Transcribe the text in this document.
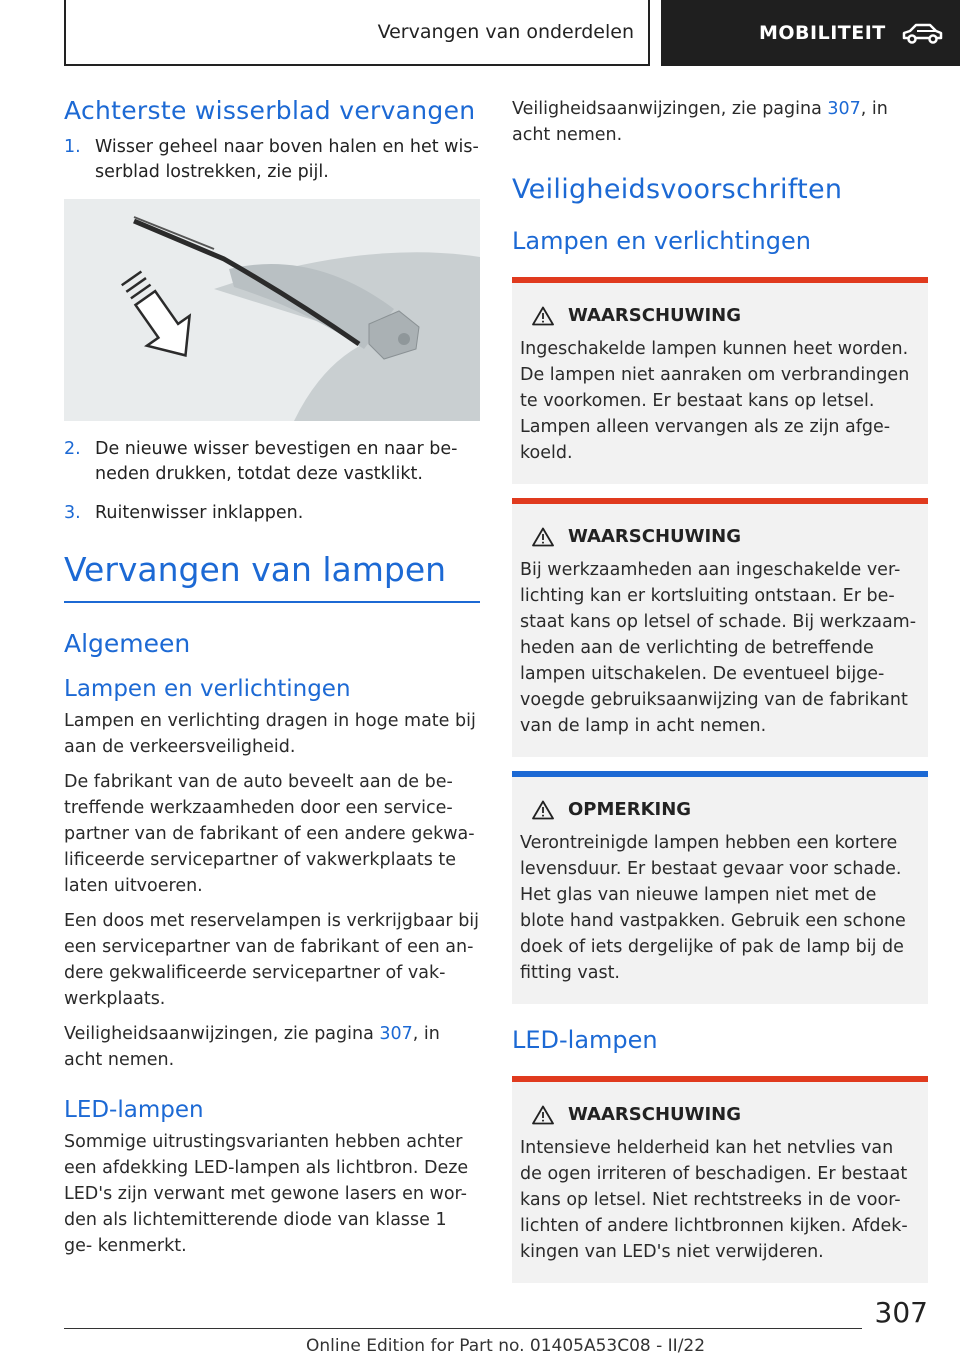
Vervangen van onderdelen	MOBILITEIT
Achterste wisserblad vervangen
1. Wisser geheel naar boven halen en het wis- serblad lostrekken, zie pijl.
2. De nieuwe wisser bevestigen en naar be- neden drukken, totdat deze vastklikt.
3. Ruitenwisser inklappen.
Vervangen van lampen
Algemeen
Lampen en verlichtingen

Lampen en verlichting dragen in hoge mate bij aan de verkeersveiligheid.

De fabrikant van de auto beveelt aan de be- treffende werkzaamheden door een service- partner van de fabrikant of een andere gekwa- lificeerde servicepartner of vakwerkplaats te laten uitvoeren.

Een doos met reservelampen is verkrijgbaar bij een servicepartner van de fabrikant of een an- dere gekwalificeerde servicepartner of vak- werkplaats.

Veiligheidsaanwijzingen, zie pagina 307, in acht nemen.

LED-lampen

Sommige uitrustingsvarianten hebben achter een afdekking LED-lampen als lichtbron. Deze LED's zijn verwant met gewone lasers en wor- den als lichtemitterende diode van klasse 1 ge- kenmerkt.

Veiligheidsaanwijzingen, zie pagina 307, in acht nemen.

Veiligheidsvoorschriften
Lampen en verlichtingen
WAARSCHUWING

Ingeschakelde lampen kunnen heet worden. De lampen niet aanraken om verbrandingen te voorkomen. Er bestaat kans op letsel. Lampen alleen vervangen als ze zijn afge- koeld.

WAARSCHUWING

Bij werkzaamheden aan ingeschakelde ver- lichting kan er kortsluiting ontstaan. Er be- staat kans op letsel of schade. Bij werkzaam- heden aan de verlichting de betreffende lampen uitschakelen. De eventueel bijge- voegde gebruiksaanwijzing van de fabrikant van de lamp in acht nemen.

OPMERKING

Verontreinigde lampen hebben een kortere levensduur. Er bestaat gevaar voor schade. Het glas van nieuwe lampen niet met de blote hand vastpakken. Gebruik een schone doek of iets dergelijke of pak de lamp bij de fitting vast.

LED-lampen
WAARSCHUWING

Intensieve helderheid kan het netvlies van de ogen irriteren of beschadigen. Er bestaat kans op letsel. Niet rechtstreeks in de voor- lichten of andere lichtbronnen kijken. Afdek- kingen van LED's niet verwijderen.

307
Online Edition for Part no. 01405A53C08 - II/22
